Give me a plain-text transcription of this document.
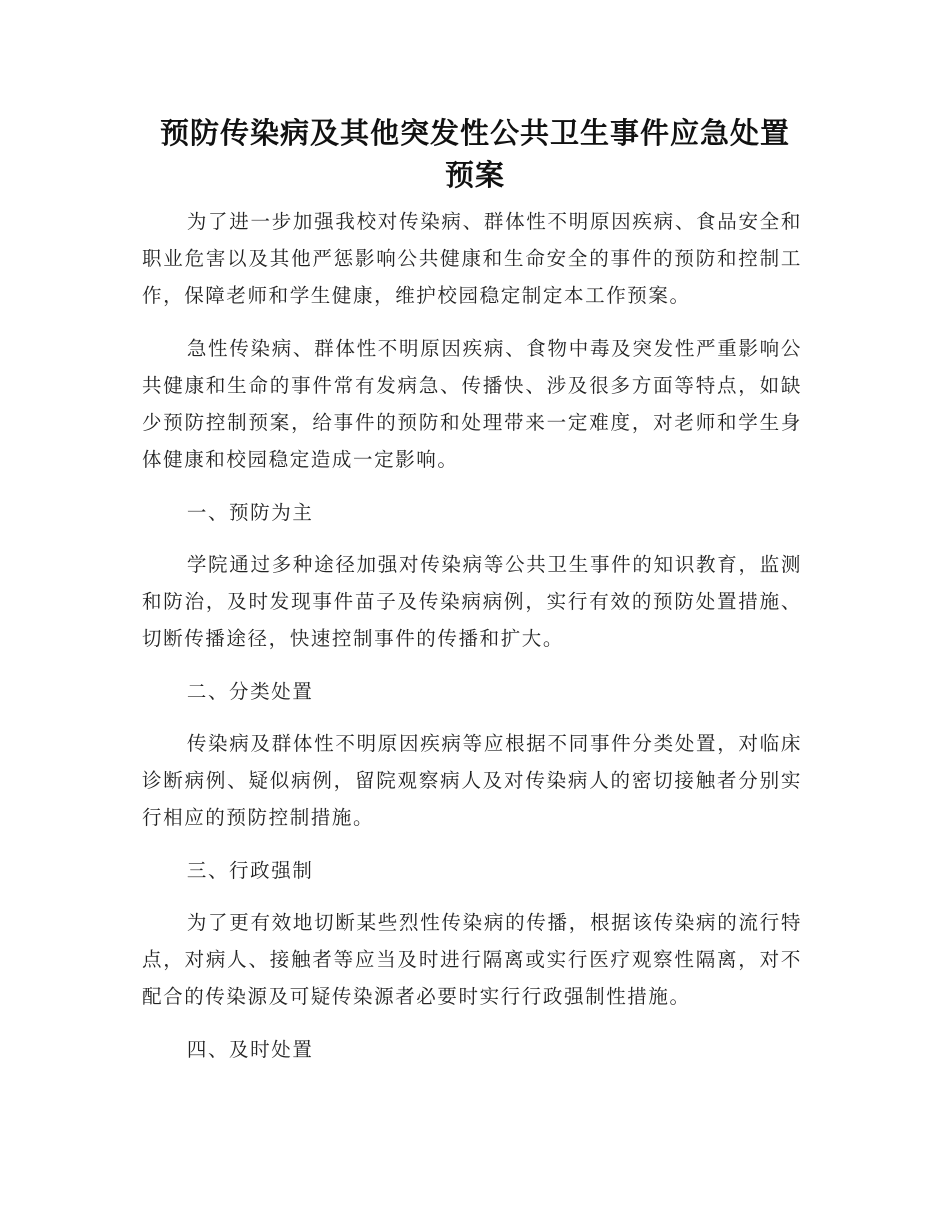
预防传染病及其他突发性公共卫生事件应急处置
预案

为了进一步加强我校对传染病、群体性不明原因疾病、食品安全和职业危害以及其他严惩影响公共健康和生命安全的事件的预防和控制工作，保障老师和学生健康，维护校园稳定制定本工作预案。

急性传染病、群体性不明原因疾病、食物中毒及突发性严重影响公共健康和生命的事件常有发病急、传播快、涉及很多方面等特点，如缺少预防控制预案，给事件的预防和处理带来一定难度，对老师和学生身体健康和校园稳定造成一定影响。

一、预防为主

学院通过多种途径加强对传染病等公共卫生事件的知识教育，监测和防治，及时发现事件苗子及传染病病例，实行有效的预防处置措施、切断传播途径，快速控制事件的传播和扩大。

二、分类处置

传染病及群体性不明原因疾病等应根据不同事件分类处置，对临床诊断病例、疑似病例，留院观察病人及对传染病人的密切接触者分别实行相应的预防控制措施。

三、行政强制

为了更有效地切断某些烈性传染病的传播，根据该传染病的流行特点，对病人、接触者等应当及时进行隔离或实行医疗观察性隔离，对不配合的传染源及可疑传染源者必要时实行行政强制性措施。

四、及时处置
